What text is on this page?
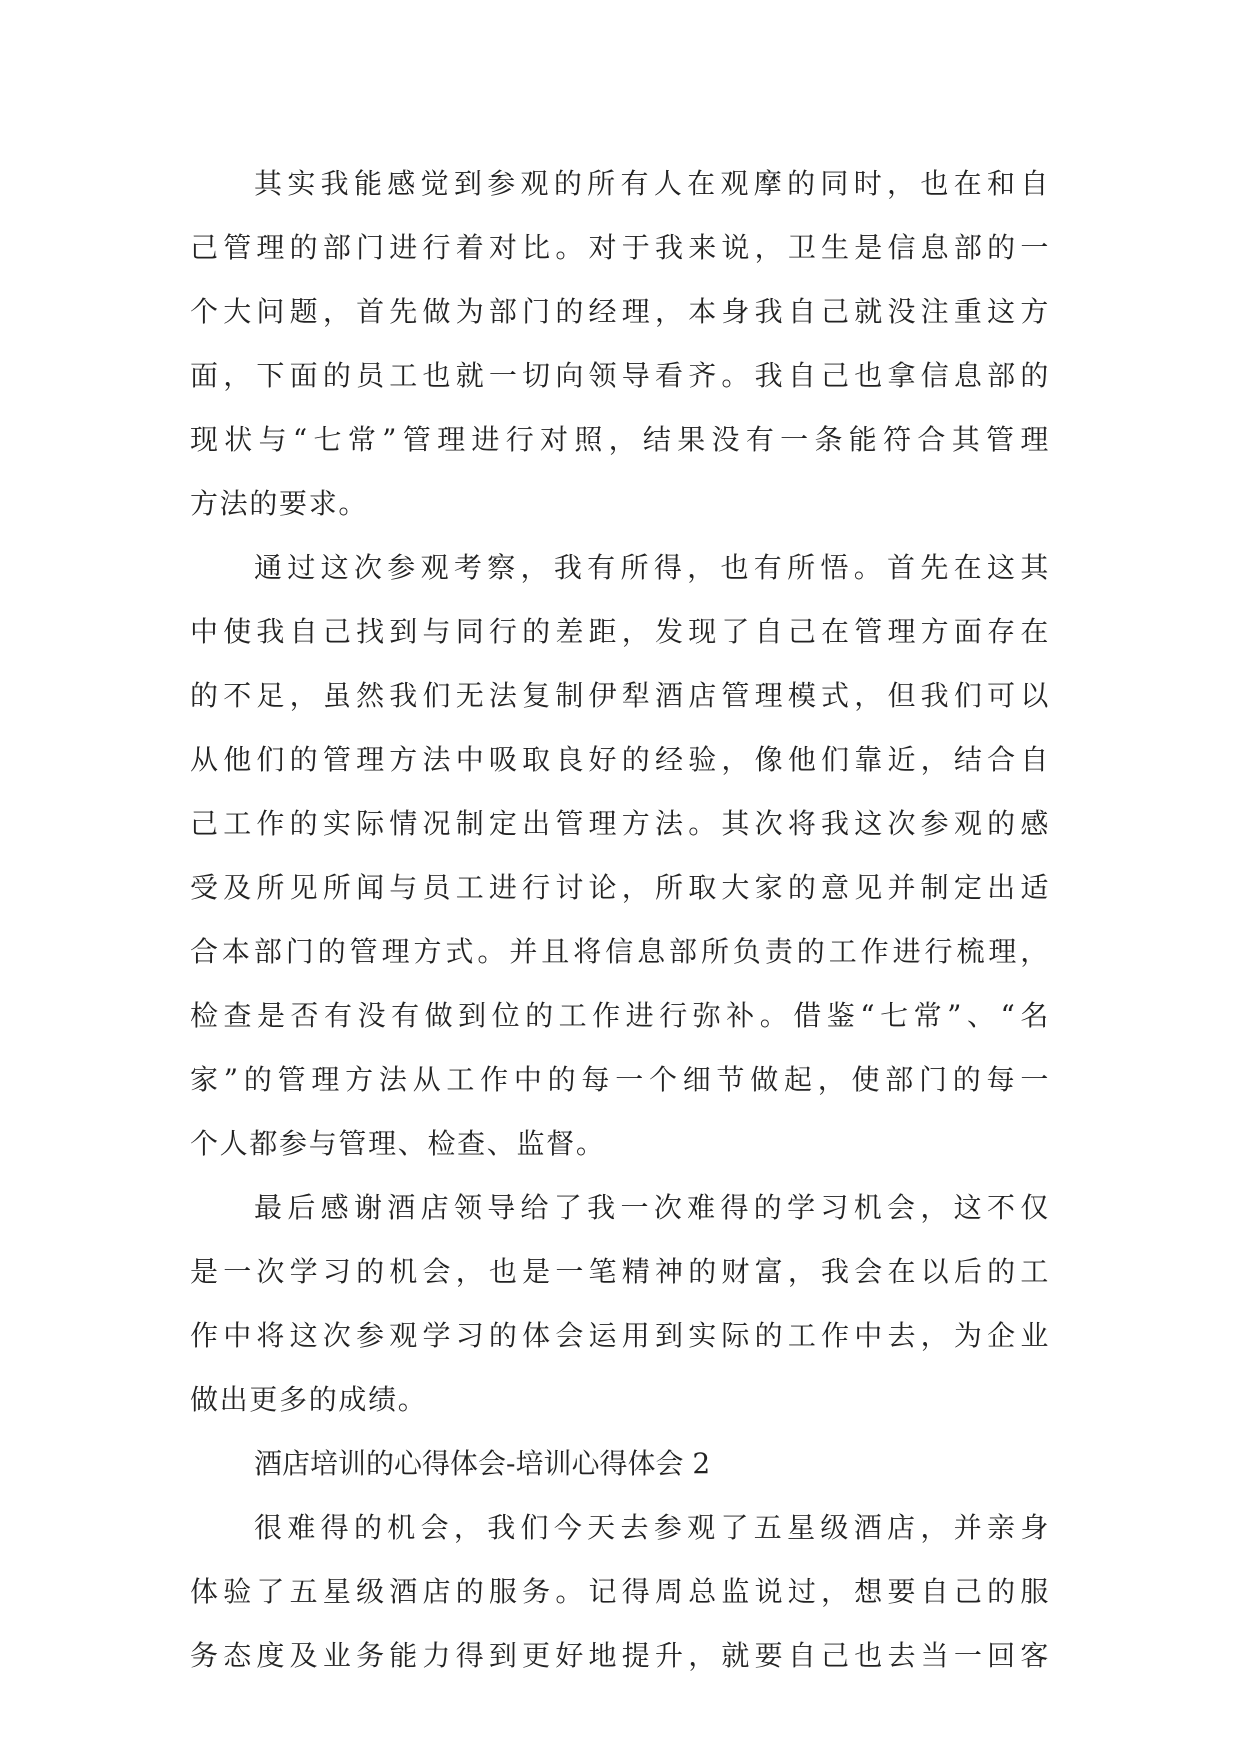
其实我能感觉到参观的所有人在观摩的同时，也在和自
己管理的部门进行着对比。对于我来说，卫生是信息部的一
个大问题，首先做为部门的经理，本身我自己就没注重这方
面，下面的员工也就一切向领导看齐。我自己也拿信息部的
现状与“七常”管理进行对照，结果没有一条能符合其管理
方法的要求。
通过这次参观考察，我有所得，也有所悟。首先在这其
中使我自己找到与同行的差距，发现了自己在管理方面存在
的不足，虽然我们无法复制伊犁酒店管理模式，但我们可以
从他们的管理方法中吸取良好的经验，像他们靠近，结合自
己工作的实际情况制定出管理方法。其次将我这次参观的感
受及所见所闻与员工进行讨论，所取大家的意见并制定出适
合本部门的管理方式。并且将信息部所负责的工作进行梳理，
检查是否有没有做到位的工作进行弥补。借鉴“七常”、“名
家”的管理方法从工作中的每一个细节做起，使部门的每一
个人都参与管理、检查、监督。
最后感谢酒店领导给了我一次难得的学习机会，这不仅
是一次学习的机会，也是一笔精神的财富，我会在以后的工
作中将这次参观学习的体会运用到实际的工作中去，为企业
做出更多的成绩。
酒店培训的心得体会-培训心得体会 2
很难得的机会，我们今天去参观了五星级酒店，并亲身
体验了五星级酒店的服务。记得周总监说过，想要自己的服
务态度及业务能力得到更好地提升，就要自己也去当一回客
